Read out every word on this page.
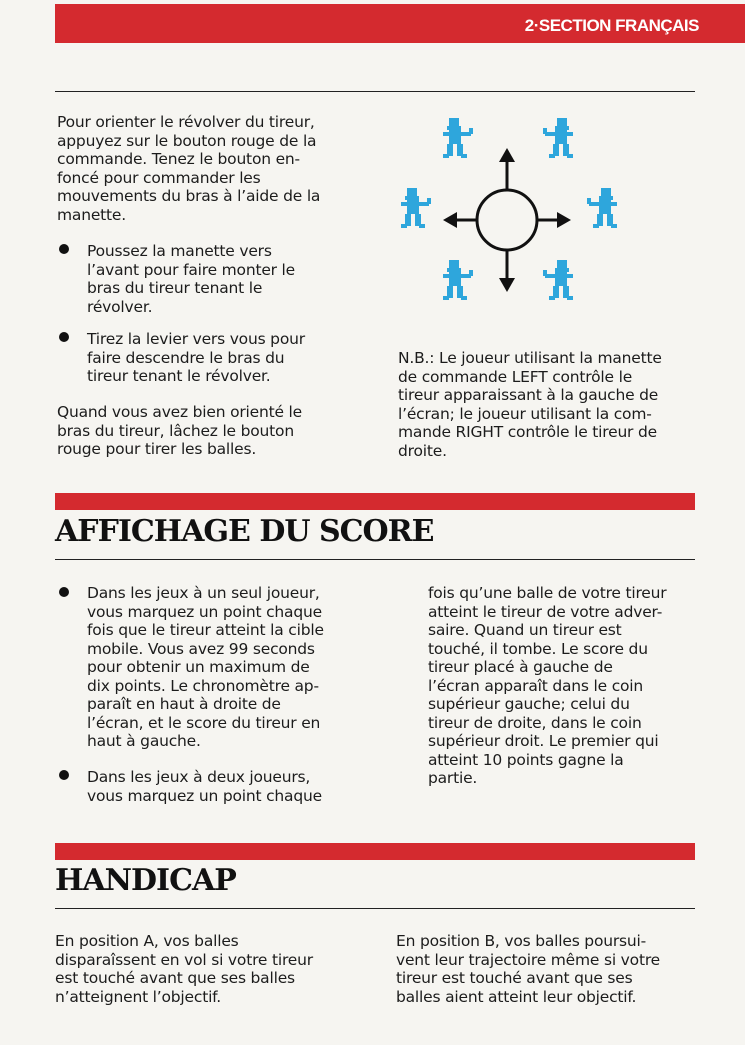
2·SECTION FRANÇAIS

Pour orienter le révolver du tireur,

appuyez sur le bouton rouge de la

commande. Tenez le bouton en-

foncé pour commander les

mouvements du bras à l’aide de la

manette.

Poussez la manette vers

l’avant pour faire monter le

bras du tireur tenant le

révolver.

Tirez la levier vers vous pour

faire descendre le bras du

tireur tenant le révolver.

Quand vous avez bien orienté le

bras du tireur, lâchez le bouton

rouge pour tirer les balles.

N.B.: Le joueur utilisant la manette

de commande LEFT contrôle le

tireur apparaissant à la gauche de

l’écran; le joueur utilisant la com-

mande RIGHT contrôle le tireur de

droite.

AFFICHAGE DU SCORE

Dans les jeux à un seul joueur,

vous marquez un point chaque

fois que le tireur atteint la cible

mobile. Vous avez 99 seconds

pour obtenir un maximum de

dix points. Le chronomètre ap-

paraît en haut à droite de

l’écran, et le score du tireur en

haut à gauche.

Dans les jeux à deux joueurs,

vous marquez un point chaque

fois qu’une balle de votre tireur

atteint le tireur de votre adver-

saire. Quand un tireur est

touché, il tombe. Le score du

tireur placé à gauche de

l’écran apparaît dans le coin

supérieur gauche; celui du

tireur de droite, dans le coin

supérieur droit. Le premier qui

atteint 10 points gagne la

partie.

HANDICAP

En position A, vos balles

disparaîssent en vol si votre tireur

est touché avant que ses balles

n’atteignent l’objectif.

En position B, vos balles poursui-

vent leur trajectoire même si votre

tireur est touché avant que ses

balles aient atteint leur objectif.
